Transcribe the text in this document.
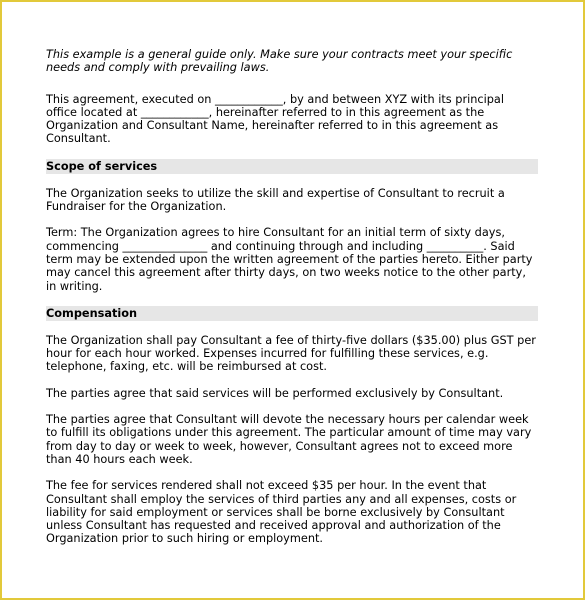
This example is a general guide only. Make sure your contracts meet your specific needs and comply with prevailing laws.

This agreement, executed on ____________, by and between XYZ with its principal office located at ____________, hereinafter referred to in this agreement as the Organization and Consultant Name, hereinafter referred to in this agreement as Consultant.

Scope of services

The Organization seeks to utilize the skill and expertise of Consultant to recruit a Fundraiser for the Organization.

Term: The Organization agrees to hire Consultant for an initial term of sixty days, commencing _______________ and continuing through and including __________. Said term may be extended upon the written agreement of the parties hereto. Either party may cancel this agreement after thirty days, on two weeks notice to the other party, in writing.

Compensation

The Organization shall pay Consultant a fee of thirty-five dollars ($35.00) plus GST per hour for each hour worked. Expenses incurred for fulfilling these services, e.g. telephone, faxing, etc. will be reimbursed at cost.

The parties agree that said services will be performed exclusively by Consultant.

The parties agree that Consultant will devote the necessary hours per calendar week to fulfill its obligations under this agreement. The particular amount of time may vary from day to day or week to week, however, Consultant agrees not to exceed more than 40 hours each week.

The fee for services rendered shall not exceed $35 per hour. In the event that Consultant shall employ the services of third parties any and all expenses, costs or liability for said employment or services shall be borne exclusively by Consultant unless Consultant has requested and received approval and authorization of the Organization prior to such hiring or employment.
